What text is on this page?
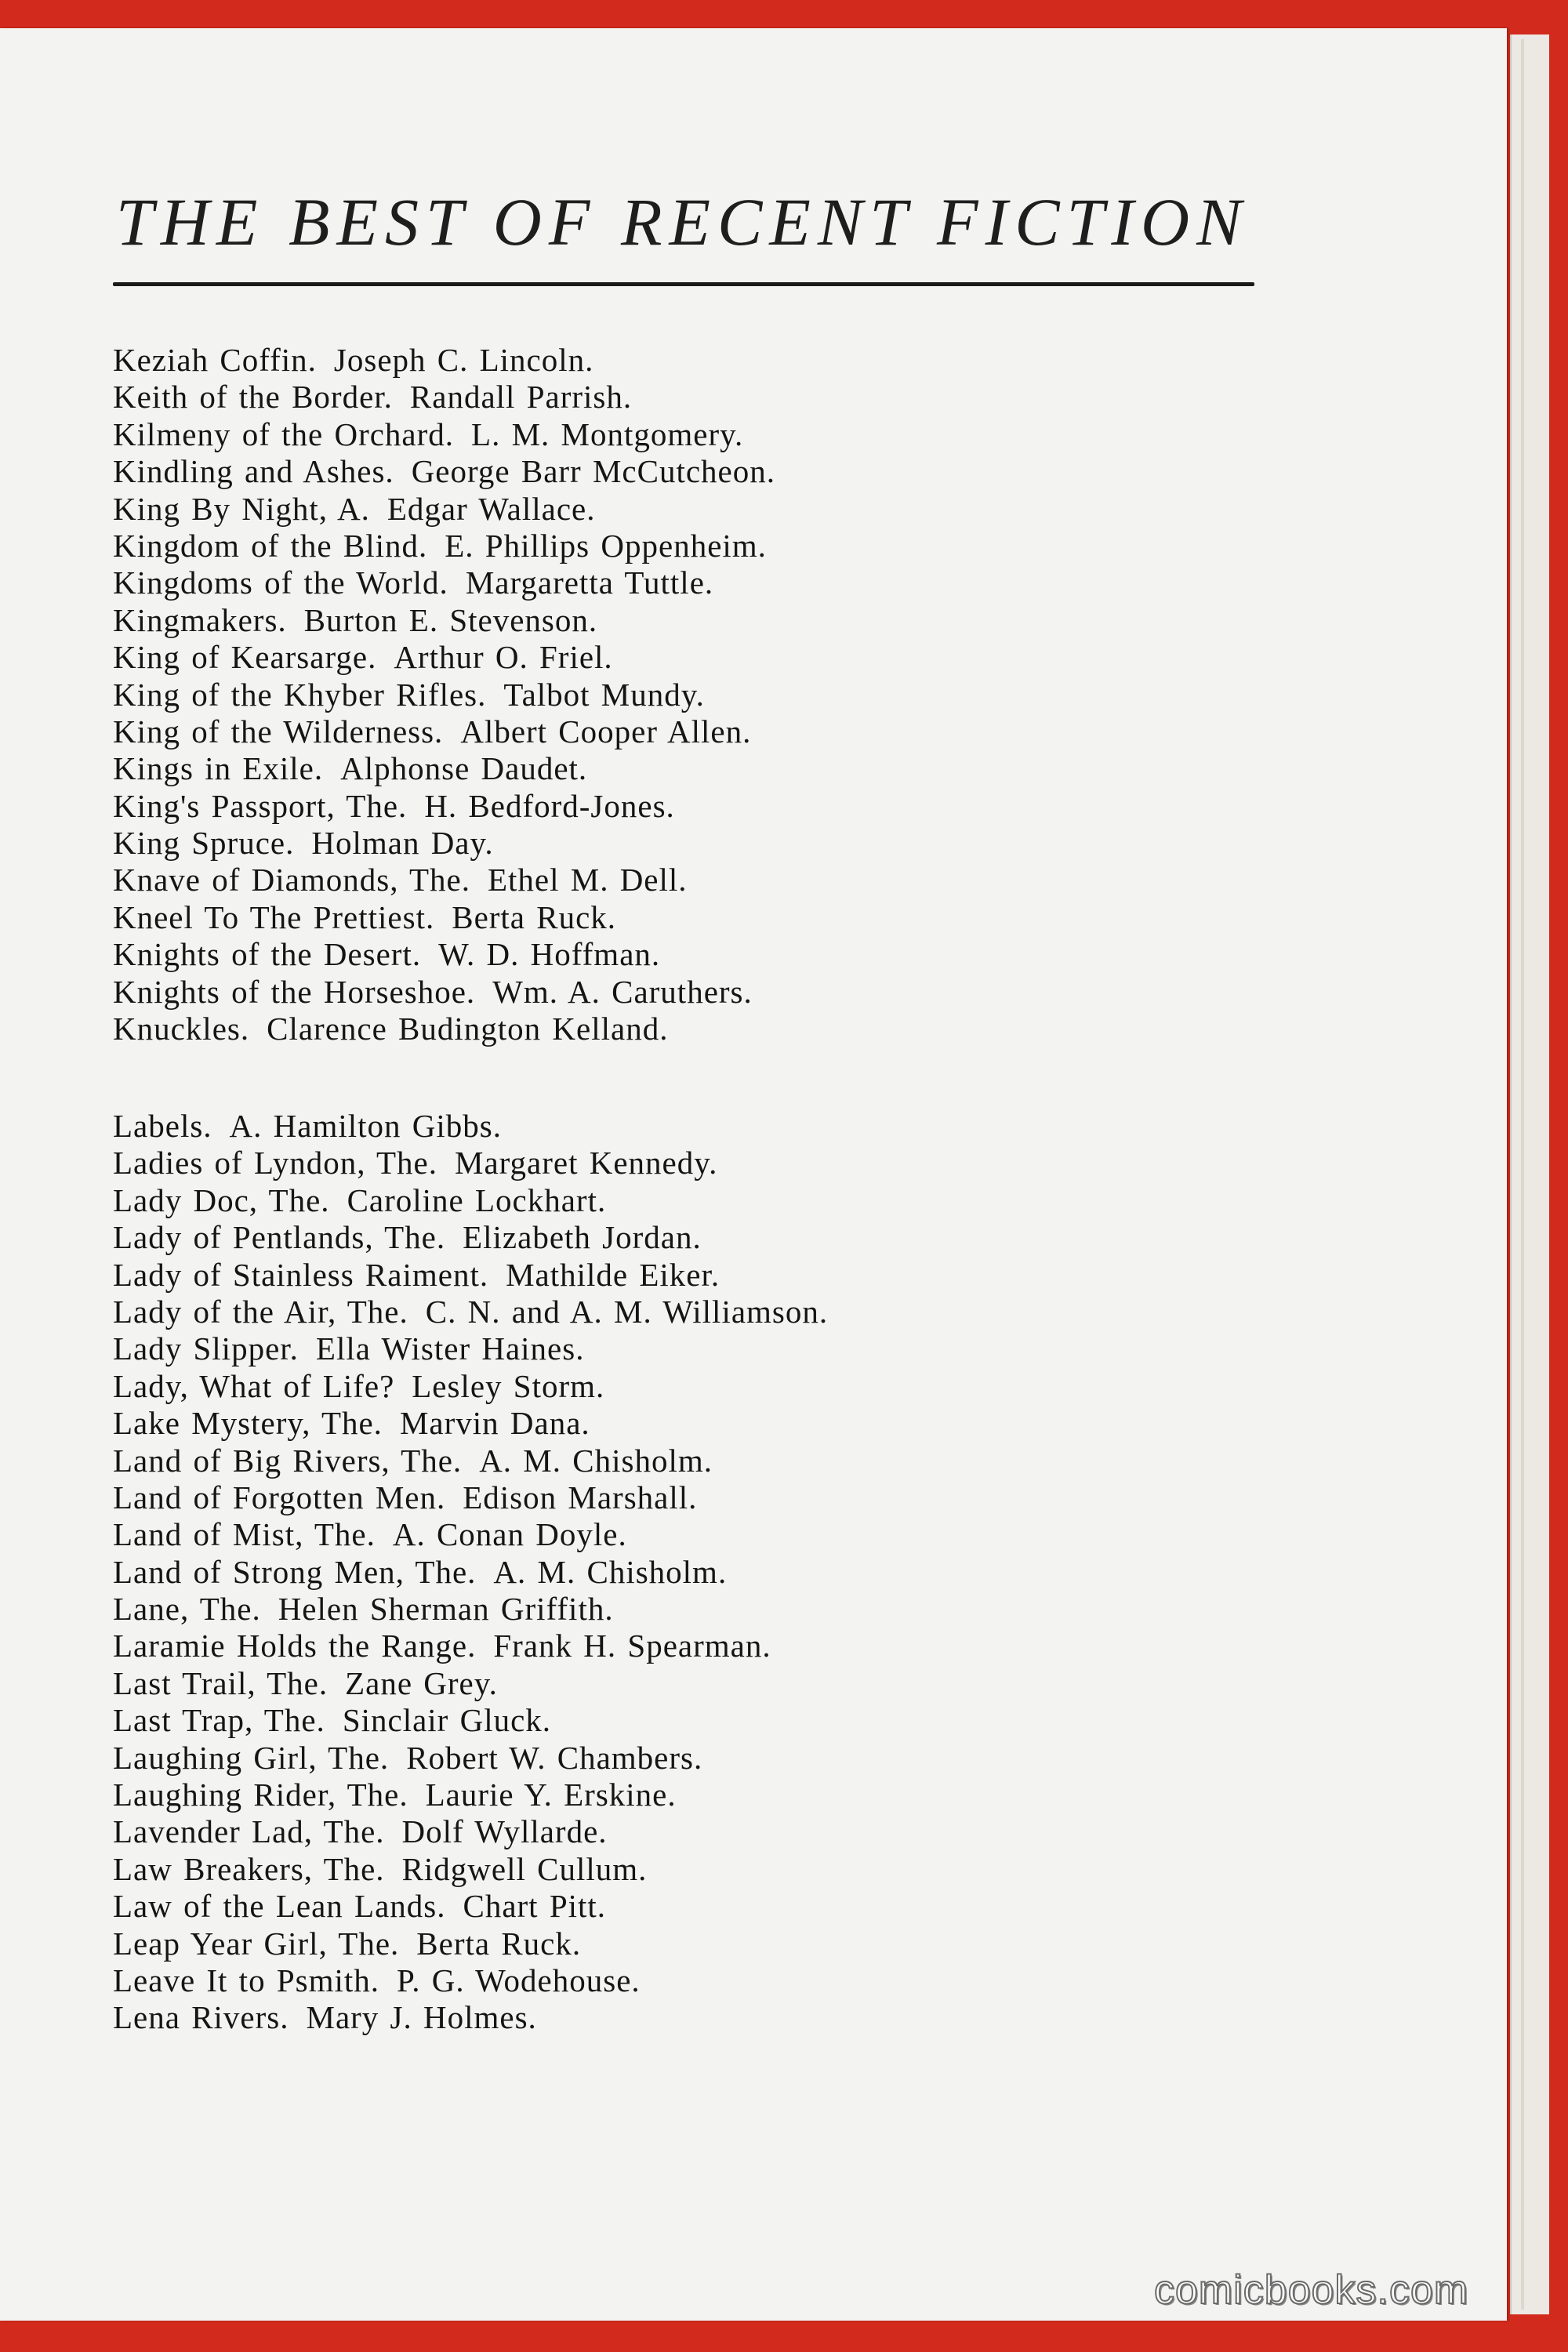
THE BEST OF RECENT FICTION
Keziah Coffin. Joseph C. Lincoln.
Keith of the Border. Randall Parrish.
Kilmeny of the Orchard. L. M. Montgomery.
Kindling and Ashes. George Barr McCutcheon.
King By Night, A. Edgar Wallace.
Kingdom of the Blind. E. Phillips Oppenheim.
Kingdoms of the World. Margaretta Tuttle.
Kingmakers. Burton E. Stevenson.
King of Kearsarge. Arthur O. Friel.
King of the Khyber Rifles. Talbot Mundy.
King of the Wilderness. Albert Cooper Allen.
Kings in Exile. Alphonse Daudet.
King's Passport, The. H. Bedford-Jones.
King Spruce. Holman Day.
Knave of Diamonds, The. Ethel M. Dell.
Kneel To The Prettiest. Berta Ruck.
Knights of the Desert. W. D. Hoffman.
Knights of the Horseshoe. Wm. A. Caruthers.
Knuckles. Clarence Budington Kelland.
Labels. A. Hamilton Gibbs.
Ladies of Lyndon, The. Margaret Kennedy.
Lady Doc, The. Caroline Lockhart.
Lady of Pentlands, The. Elizabeth Jordan.
Lady of Stainless Raiment. Mathilde Eiker.
Lady of the Air, The. C. N. and A. M. Williamson.
Lady Slipper. Ella Wister Haines.
Lady, What of Life? Lesley Storm.
Lake Mystery, The. Marvin Dana.
Land of Big Rivers, The. A. M. Chisholm.
Land of Forgotten Men. Edison Marshall.
Land of Mist, The. A. Conan Doyle.
Land of Strong Men, The. A. M. Chisholm.
Lane, The. Helen Sherman Griffith.
Laramie Holds the Range. Frank H. Spearman.
Last Trail, The. Zane Grey.
Last Trap, The. Sinclair Gluck.
Laughing Girl, The. Robert W. Chambers.
Laughing Rider, The. Laurie Y. Erskine.
Lavender Lad, The. Dolf Wyllarde.
Law Breakers, The. Ridgwell Cullum.
Law of the Lean Lands. Chart Pitt.
Leap Year Girl, The. Berta Ruck.
Leave It to Psmith. P. G. Wodehouse.
Lena Rivers. Mary J. Holmes.
comicbooks.com
